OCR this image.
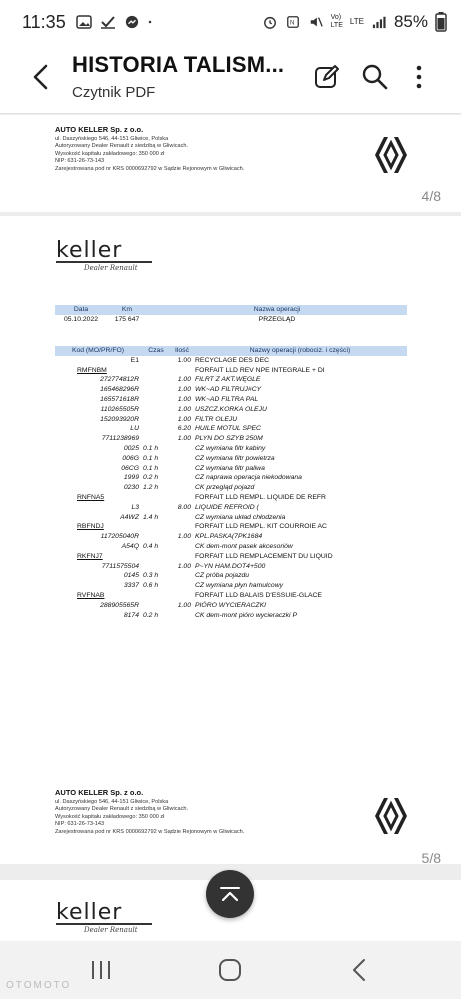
11:35	N
Vo)
LTE LTE 85%
HISTORIA TALISM...
Czytnik PDF
AUTO KELLER Sp. z o.o.
ul. Daszyńskiego 546, 44-151 Gliwice, Polska
Autoryzowany Dealer Renault z siedzibą w Gliwicach.
Wysokość kapitału zakładowego: 350 000 zł
NIP: 631-26-73-143
Zarejestrowana pod nr KRS 0000692792 w Sądzie Rejonowym w Gliwicach.
4/8
keller
Dealer Renault
Data	Km	Nazwa operacji
05.10.2022	175 647	PRZEGLĄD
Kod (MO/PR/FO)	Czas	Ilość	Nazwy operacji (robociz. i części)
E1		1.00	RECYCLAGE DES DEC
RMFNBM			FORFAIT LLD REV NPE INTEGRALE + DI
272774812R		1.00	FILRT Z AKT.WĘGLE
165468296R		1.00	WK~AD FILTRUJ#CY
165571618R		1.00	WK~AD FILTRA PAL
110265505R		1.00	USZCZ.KORKA OLEJU
152093920R		1.00	FILTR OLEJU
LU		6.20	HUILE MOTUL SPEC
7711238969		1.00	PLYN DO SZYB 250M
0025	0.1 h		CZ wymiana filtr kabiny
006G	0.1 h		CZ wymiana filtr powietrza
06CG	0.1 h		CZ wymiana filtr paliwa
1999	0.2 h		CZ naprawa operacja niekodowana
0230	1.2 h		CK przegląd pojazd
RNFNA5			FORFAIT LLD REMPL. LIQUIDE DE REFR
L3		8.00	LIQUIDE REFROID (
A4WZ	1.4 h		CZ wymiana układ chłodzenia
RBFNDJ			FORFAIT LLD REMPL. KIT COURROIE AC
117205040R		1.00	KPL.PASKA(7PK1684
A54Q	0.4 h		CK dem-mont pasek akcesoriów
RKFNJ7			FORFAIT LLD REMPLACEMENT DU LIQUID
7711575504		1.00	P~YN HAM.DOT4+500
0145	0.3 h		CZ próba pojazdu
3337	0.6 h		CZ wymiana płyn hamulcowy
RVFNAB			FORFAIT LLD BALAIS D'ESSUIE-GLACE
288905565R		1.00	PIÓRO WYCIERACZKI
8174	0.2 h		CK dem-mont pióro wycieraczki P
AUTO KELLER Sp. z o.o.
ul. Daszyńskiego 546, 44-151 Gliwice, Polska
Autoryzowany Dealer Renault z siedzibą w Gliwicach.
Wysokość kapitału zakładowego: 350 000 zł
NIP: 631-26-73-143
Zarejestrowana pod nr KRS 0000692792 w Sądzie Rejonowym w Gliwicach.
5/8
keller
Dealer Renault
OTOMOTO
